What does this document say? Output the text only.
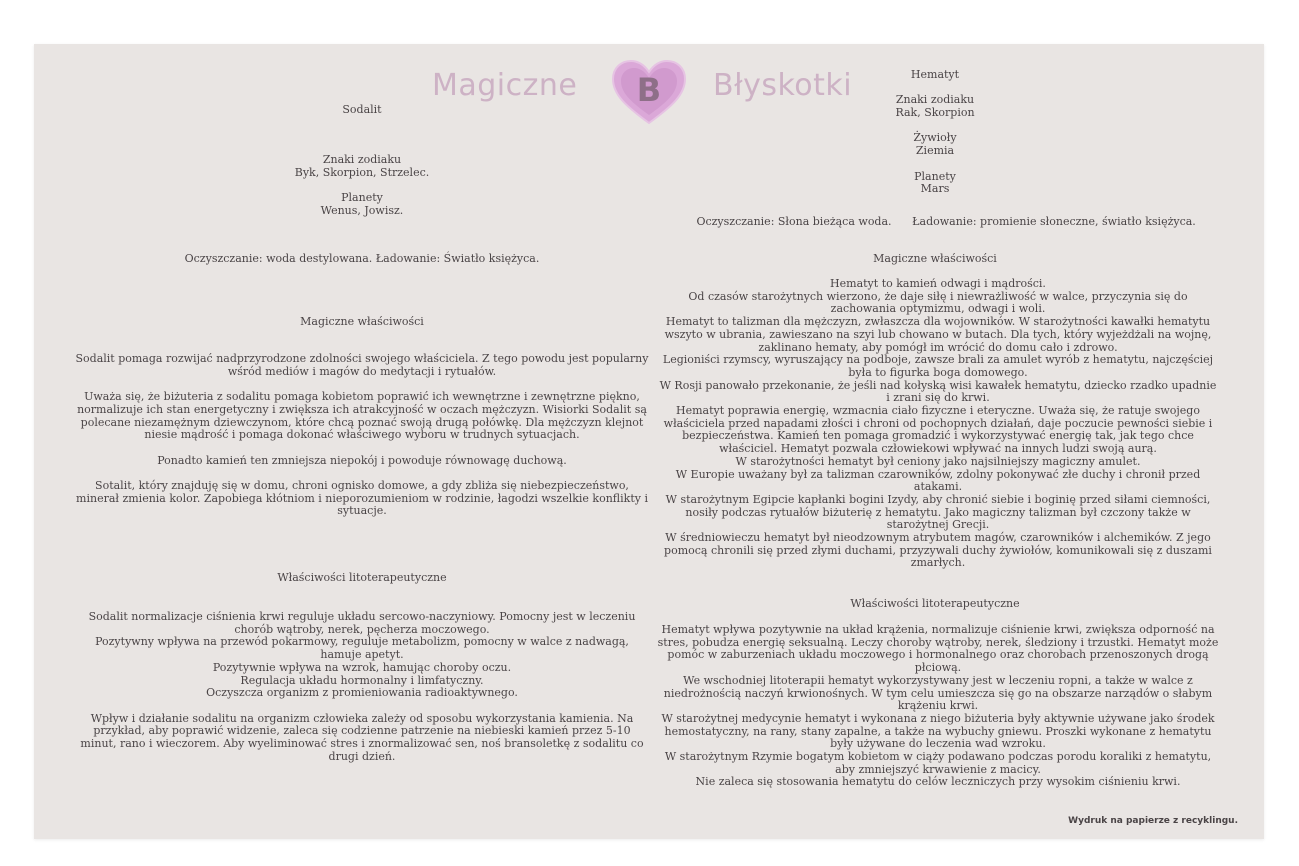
Magiczne B Błyskotki
Sodalit

Znaki zodiaku

Byk, Skorpion, Strzelec.

Planety

Wenus, Jowisz.

Oczyszczanie: woda destylowana. Ładowanie: Światło księżyca.
Magiczne właściwości

Sodalit pomaga rozwijać nadprzyrodzone zdolności swojego właściciela. Z tego powodu jest popularny

wśród mediów i magów do medytacji i rytuałów.

Uważa się, że biżuteria z sodalitu pomaga kobietom poprawić ich wewnętrzne i zewnętrzne piękno,

normalizuje ich stan energetyczny i zwiększa ich atrakcyjność w oczach mężczyzn. Wisiorki Sodalit są

polecane niezamężnym dziewczynom, które chcą poznać swoją drugą połówkę. Dla mężczyzn klejnot

niesie mądrość i pomaga dokonać właściwego wyboru w trudnych sytuacjach.

Ponadto kamień ten zmniejsza niepokój i powoduje równowagę duchową.

Sotalit, który znajduję się w domu, chroni ognisko domowe, a gdy zbliża się niebezpieczeństwo,

minerał zmienia kolor. Zapobiega kłótniom i nieporozumieniom w rodzinie, łagodzi wszelkie konflikty i

sytuacje.

Właściwości litoterapeutyczne

Sodalit normalizacje ciśnienia krwi reguluje układu sercowo-naczyniowy. Pomocny jest w leczeniu

chorób wątroby, nerek, pęcherza moczowego.

Pozytywny wpływa na przewód pokarmowy, reguluje metabolizm, pomocny w walce z nadwagą,

hamuje apetyt.

Pozytywnie wpływa na wzrok, hamując choroby oczu.

Regulacja układu hormonalny i limfatyczny.

Oczyszcza organizm z promieniowania radioaktywnego.

Wpływ i działanie sodalitu na organizm człowieka zależy od sposobu wykorzystania kamienia. Na

przykład, aby poprawić widzenie, zaleca się codzienne patrzenie na niebieski kamień przez 5-10

minut, rano i wieczorem. Aby wyeliminować stres i znormalizować sen, noś bransoletkę z sodalitu co

drugi dzień.

Hematyt

Znaki zodiaku

Rak, Skorpion

Żywioły

Ziemia

Planety

Mars

Oczyszczanie: Słona bieżąca woda.	Ładowanie: promienie słoneczne, światło księżyca.
Magiczne właściwości

Hematyt to kamień odwagi i mądrości.

Od czasów starożytnych wierzono, że daje siłę i niewrażliwość w walce, przyczynia się do

zachowania optymizmu, odwagi i woli.

Hematyt to talizman dla mężczyzn, zwłaszcza dla wojowników. W starożytności kawałki hematytu

wszyto w ubrania, zawieszano na szyi lub chowano w butach. Dla tych, który wyjeżdżali na wojnę,

zaklinano hematy, aby pomógł im wrócić do domu cało i zdrowo.

Legioniści rzymscy, wyruszający na podboje, zawsze brali za amulet wyrób z hematytu, najczęściej

była to figurka boga domowego.

W Rosji panowało przekonanie, że jeśli nad kołyską wisi kawałek hematytu, dziecko rzadko upadnie

i zrani się do krwi.

Hematyt poprawia energię, wzmacnia ciało fizyczne i eteryczne. Uważa się, że ratuje swojego

właściciela przed napadami złości i chroni od pochopnych działań, daje poczucie pewności siebie i

bezpieczeństwa. Kamień ten pomaga gromadzić i wykorzystywać energię tak, jak tego chce

właściciel. Hematyt pozwala człowiekowi wpływać na innych ludzi swoją aurą.

W starożytności hematyt był ceniony jako najsilniejszy magiczny amulet.

W Europie uważany był za talizman czarowników, zdolny pokonywać złe duchy i chronił przed

atakami.

W starożytnym Egipcie kapłanki bogini Izydy, aby chronić siebie i boginię przed siłami ciemności,

nosiły podczas rytuałów biżuterię z hematytu. Jako magiczny talizman był czczony także w

starożytnej Grecji.

W średniowieczu hematyt był nieodzownym atrybutem magów, czarowników i alchemików. Z jego

pomocą chronili się przed złymi duchami, przyzywali duchy żywiołów, komunikowali się z duszami

zmarłych.

Właściwości litoterapeutyczne

Hematyt wpływa pozytywnie na układ krążenia, normalizuje ciśnienie krwi, zwiększa odporność na

stres, pobudza energię seksualną. Leczy choroby wątroby, nerek, śledziony i trzustki. Hematyt może

pomóc w zaburzeniach układu moczowego i hormonalnego oraz chorobach przenoszonych drogą

płciową.

We wschodniej litoterapii hematyt wykorzystywany jest w leczeniu ropni, a także w walce z

niedrożnością naczyń krwionośnych. W tym celu umieszcza się go na obszarze narządów o słabym

krążeniu krwi.

W starożytnej medycynie hematyt i wykonana z niego biżuteria były aktywnie używane jako środek

hemostatyczny, na rany, stany zapalne, a także na wybuchy gniewu. Proszki wykonane z hematytu

były używane do leczenia wad wzroku.

W starożytnym Rzymie bogatym kobietom w ciąży podawano podczas porodu koraliki z hematytu,

aby zmniejszyć krwawienie z macicy.

Nie zaleca się stosowania hematytu do celów leczniczych przy wysokim ciśnieniu krwi.

Wydruk na papierze z recyklingu.
